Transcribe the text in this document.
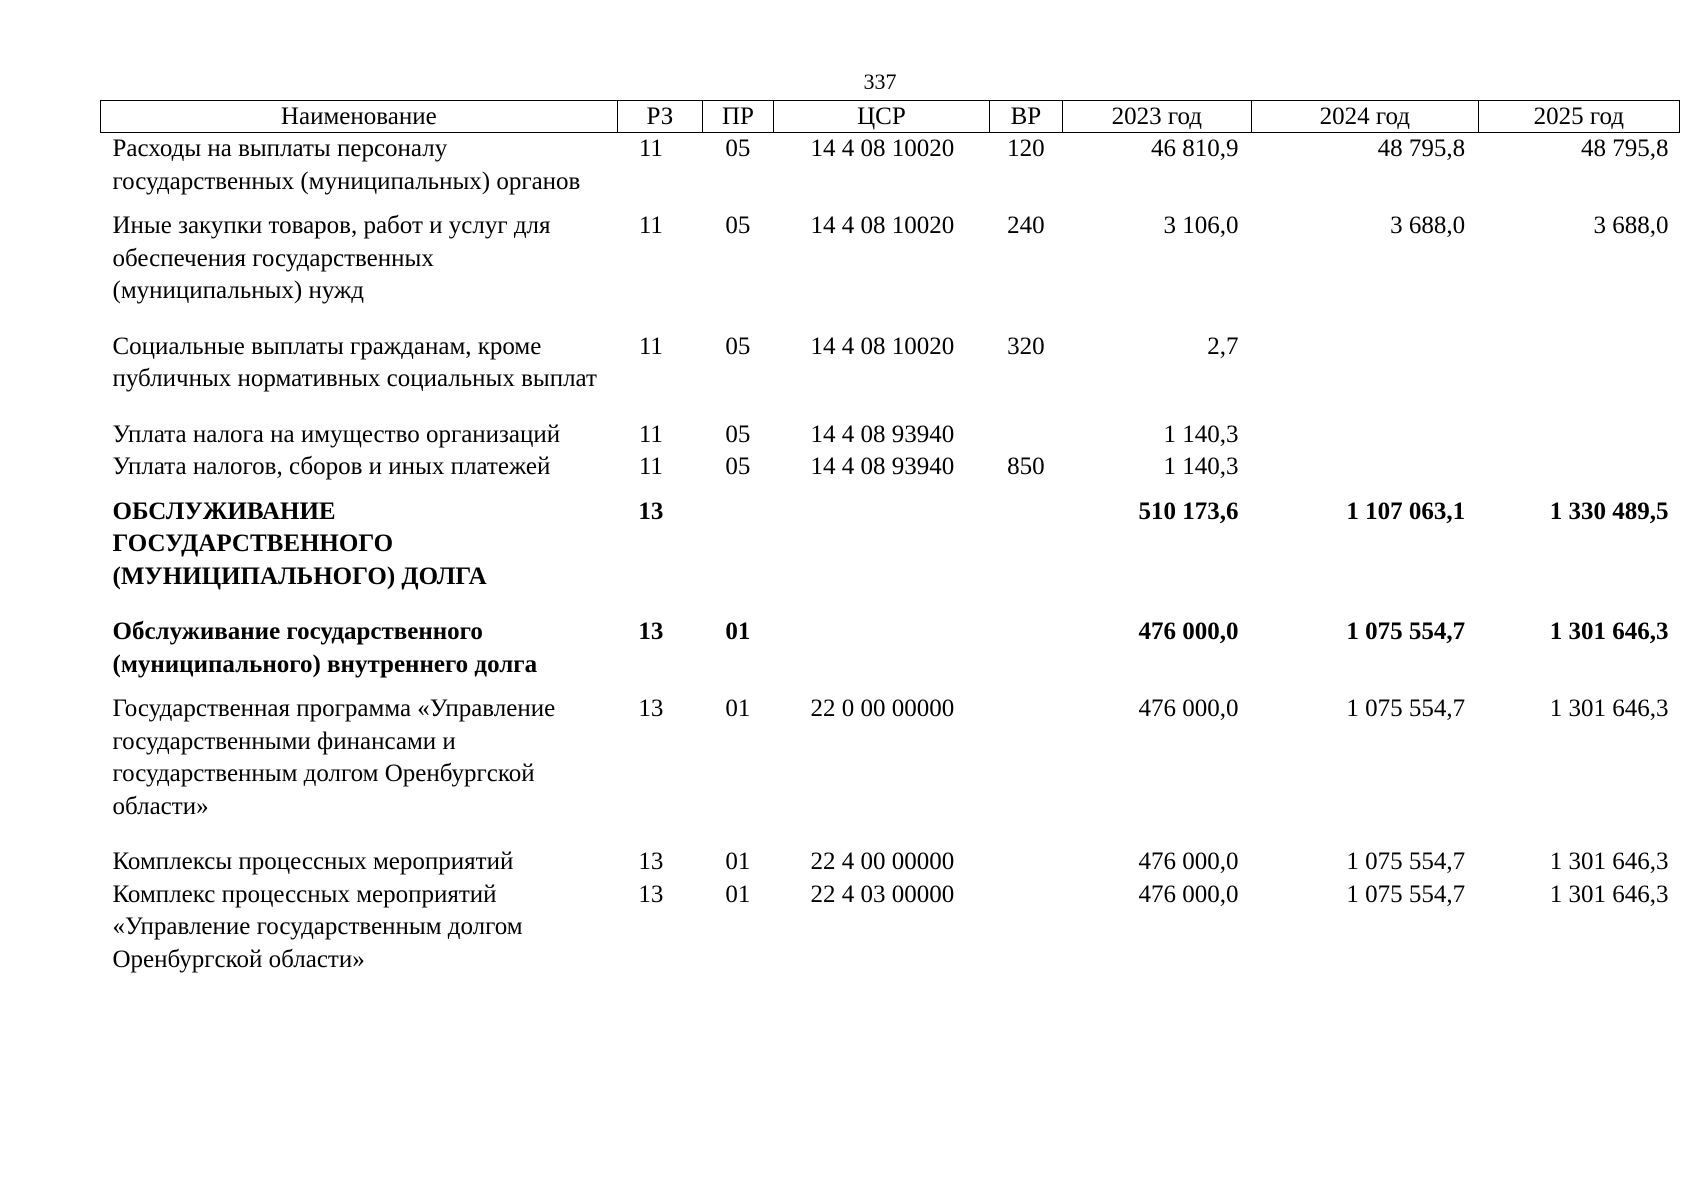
337
Наименование	РЗ	ПР	ЦСР	ВР	2023 год	2024 год	2025 год
Расходы на выплаты персоналу государственных (муниципальных) органов	11	05	14 4 08 10020	120	46 810,9	48 795,8	48 795,8
Иные закупки товаров, работ и услуг для обеспечения государственных (муниципальных) нужд	11	05	14 4 08 10020	240	3 106,0	3 688,0	3 688,0
Социальные выплаты гражданам, кроме публичных нормативных социальных выплат	11	05	14 4 08 10020	320	2,7		
Уплата налога на имущество организаций	11	05	14 4 08 93940		1 140,3		
Уплата налогов, сборов и иных платежей	11	05	14 4 08 93940	850	1 140,3		
ОБСЛУЖИВАНИЕ ГОСУДАРСТВЕННОГО (МУНИЦИПАЛЬНОГО) ДОЛГА	13				510 173,6	1 107 063,1	1 330 489,5
Обслуживание государственного (муниципального) внутреннего долга	13	01			476 000,0	1 075 554,7	1 301 646,3
Государственная программа «Управление государственными финансами и государственным долгом Оренбургской области»	13	01	22 0 00 00000		476 000,0	1 075 554,7	1 301 646,3
Комплексы процессных мероприятий	13	01	22 4 00 00000		476 000,0	1 075 554,7	1 301 646,3
Комплекс процессных мероприятий «Управление государственным долгом Оренбургской области»	13	01	22 4 03 00000		476 000,0	1 075 554,7	1 301 646,3
